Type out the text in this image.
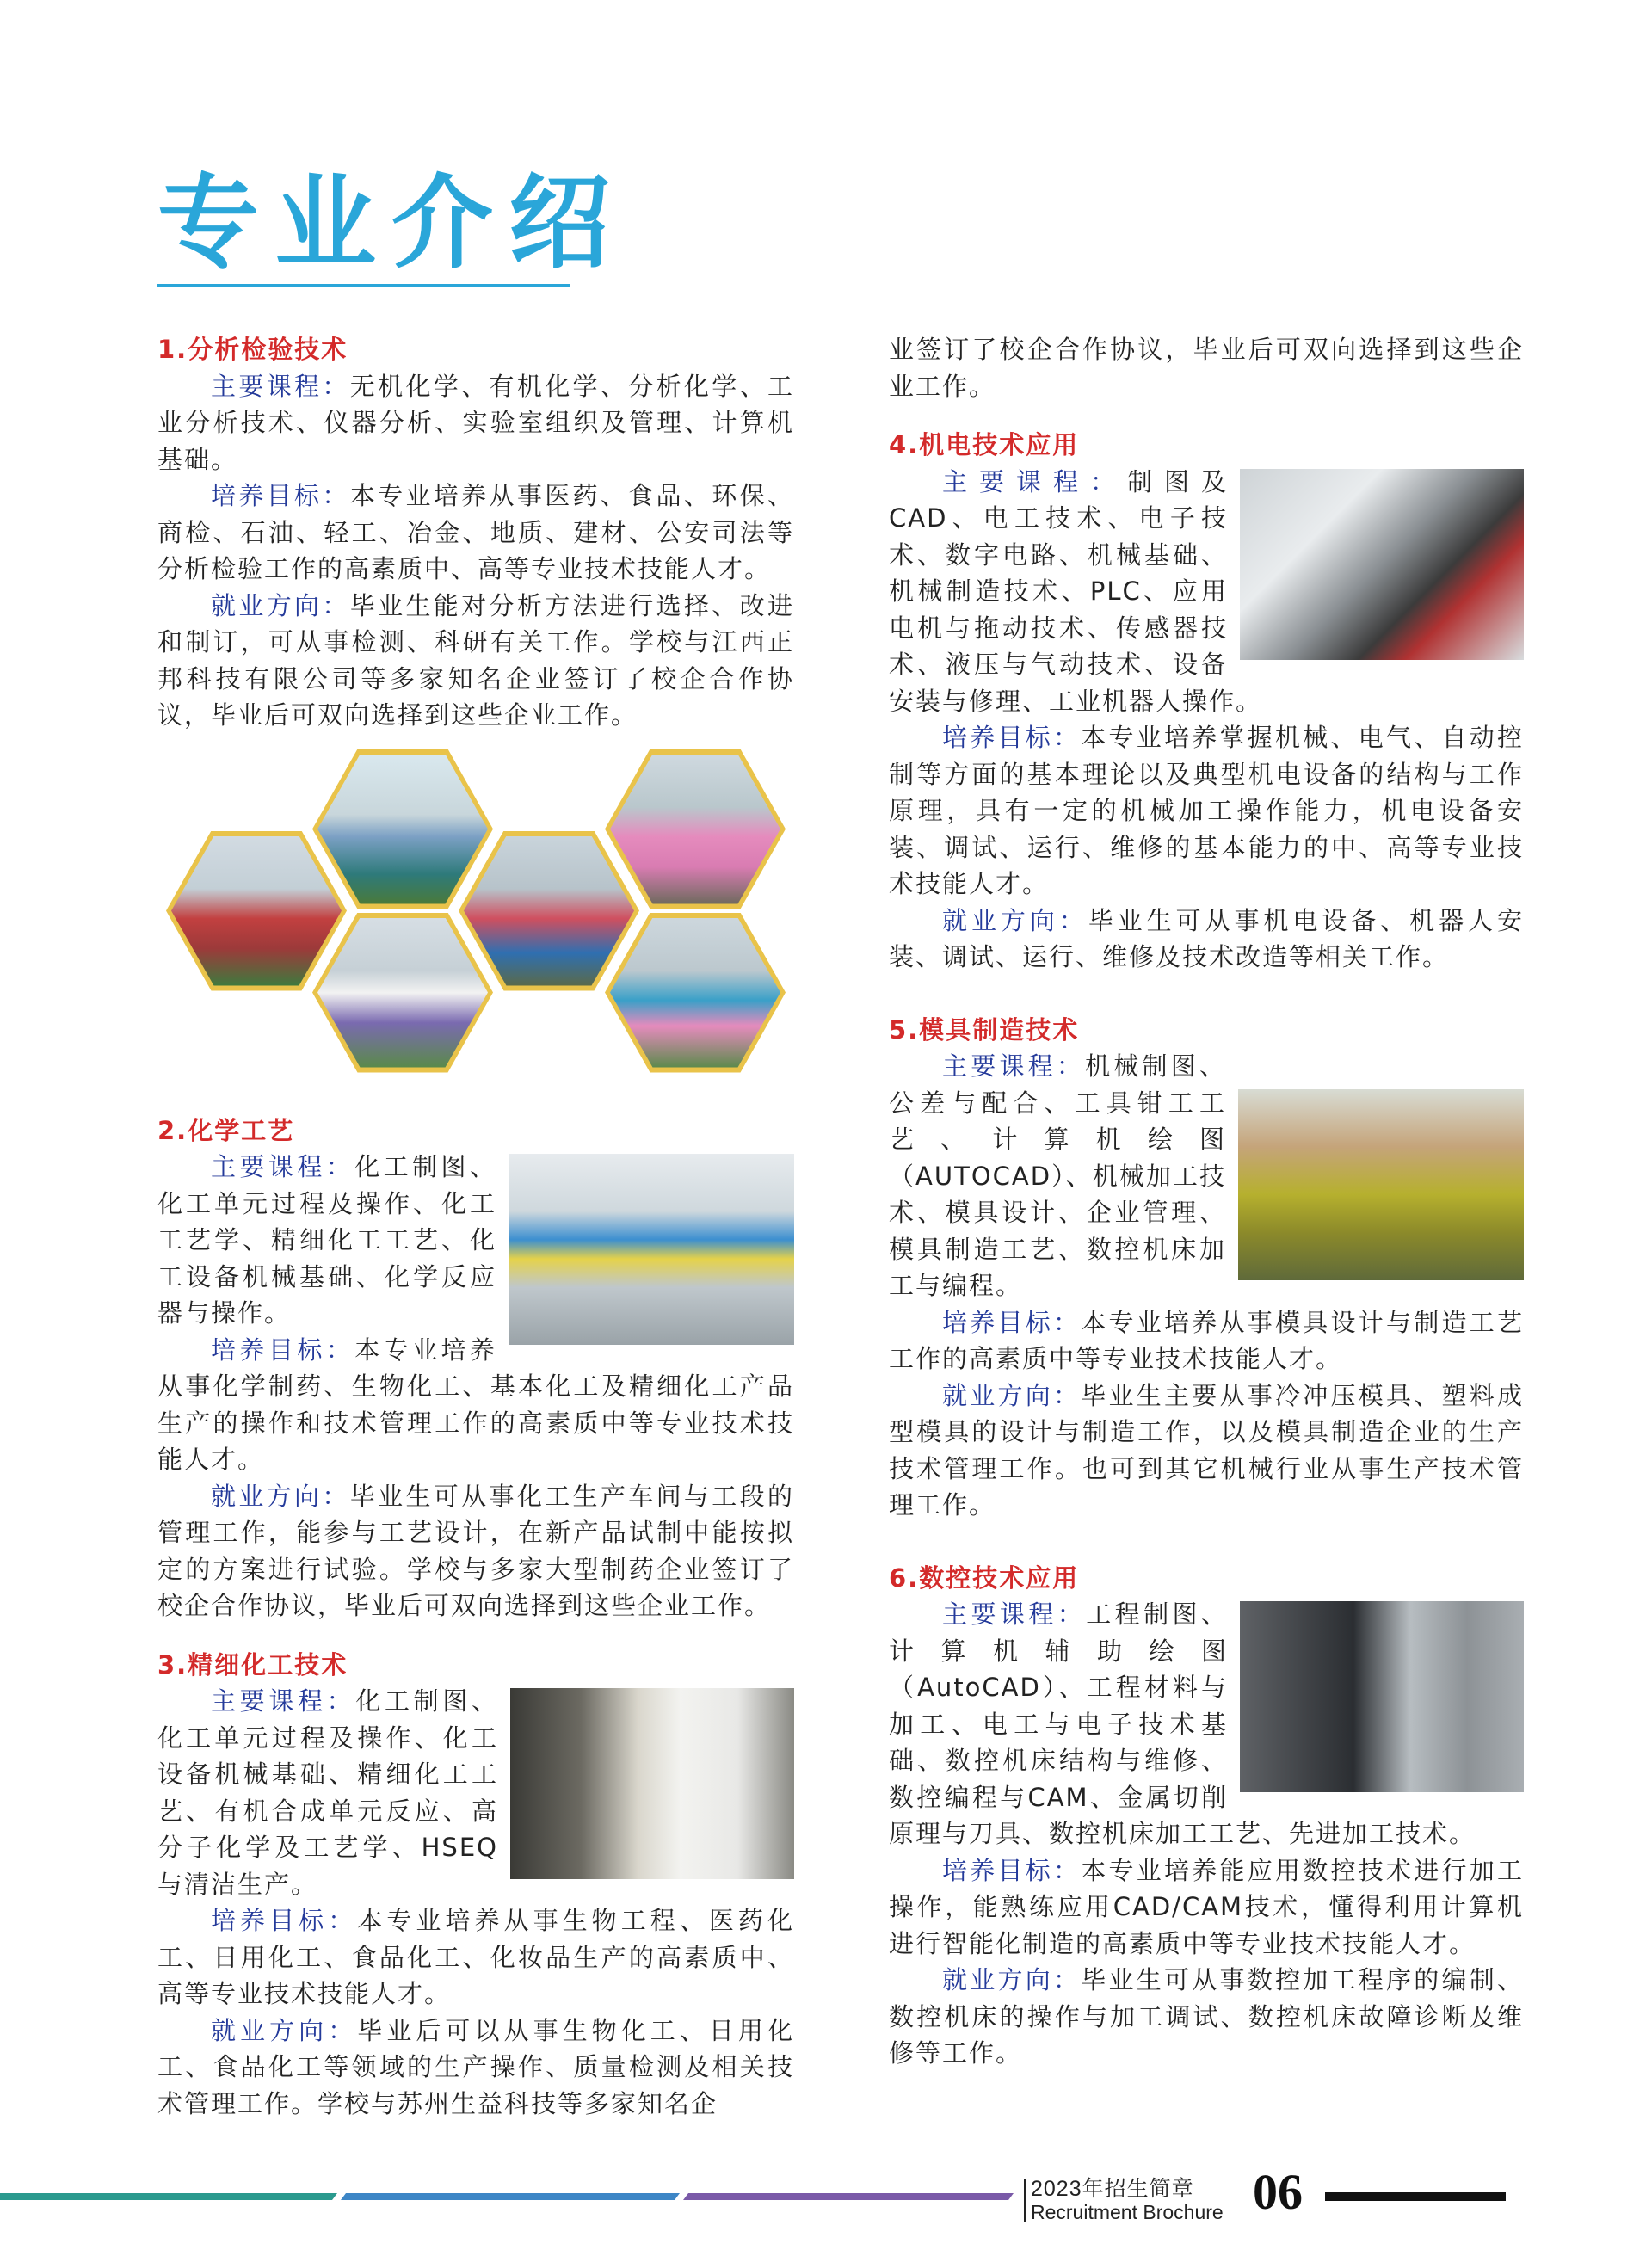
专业介绍
1.分析检验技术

主要课程：无机化学、有机化学、分析化学、工业分析技术、仪器分析、实验室组织及管理、计算机基础。

培养目标：本专业培养从事医药、食品、环保、商检、石油、轻工、冶金、地质、建材、公安司法等分析检验工作的高素质中、高等专业技术技能人才。

就业方向：毕业生能对分析方法进行选择、改进和制订，可从事检测、科研有关工作。学校与江西正邦科技有限公司等多家知名企业签订了校企合作协议，毕业后可双向选择到这些企业工作。

2.化学工艺

主要课程：化工制图、化工单元过程及操作、化工工艺学、精细化工工艺、化工设备机械基础、化学反应器与操作。

培养目标：本专业培养从事化学制药、生物化工、基本化工及精细化工产品生产的操作和技术管理工作的高素质中等专业技术技能人才。

就业方向：毕业生可从事化工生产车间与工段的管理工作，能参与工艺设计，在新产品试制中能按拟定的方案进行试验。学校与多家大型制药企业签订了校企合作协议，毕业后可双向选择到这些企业工作。

3.精细化工技术

主要课程：化工制图、化工单元过程及操作、化工设备机械基础、精细化工工艺、有机合成单元反应、高分子化学及工艺学、HSEQ与清洁生产。

培养目标：本专业培养从事生物工程、医药化工、日用化工、食品化工、化妆品生产的高素质中、高等专业技术技能人才。

就业方向：毕业后可以从事生物化工、日用化工、食品化工等领域的生产操作、质量检测及相关技术管理工作。学校与苏州生益科技等多家知名企

业签订了校企合作协议，毕业后可双向选择到这些企业工作。

4.机电技术应用

主要课程：制图及CAD、电工技术、电子技术、数字电路、机械基础、机械制造技术、PLC、应用电机与拖动技术、传感器技术、液压与气动技术、设备安装与修理、工业机器人操作。

培养目标：本专业培养掌握机械、电气、自动控制等方面的基本理论以及典型机电设备的结构与工作原理，具有一定的机械加工操作能力，机电设备安装、调试、运行、维修的基本能力的中、高等专业技术技能人才。

就业方向：毕业生可从事机电设备、机器人安装、调试、运行、维修及技术改造等相关工作。

5.模具制造技术

主要课程：机械制图、公差与配合、工具钳工工艺、计算机绘图（AUTOCAD）、机械加工技术、模具设计、企业管理、模具制造工艺、数控机床加工与编程。

培养目标：本专业培养从事模具设计与制造工艺工作的高素质中等专业技术技能人才。

就业方向：毕业生主要从事冷冲压模具、塑料成型模具的设计与制造工作，以及模具制造企业的生产技术管理工作。也可到其它机械行业从事生产技术管理工作。

6.数控技术应用

主要课程：工程制图、计算机辅助绘图（AutoCAD）、工程材料与加工、电工与电子技术基础、数控机床结构与维修、数控编程与CAM、金属切削原理与刀具、数控机床加工工艺、先进加工技术。

培养目标：本专业培养能应用数控技术进行加工操作，能熟练应用CAD/CAM技术，懂得利用计算机进行智能化制造的高素质中等专业技术技能人才。

就业方向：毕业生可从事数控加工程序的编制、数控机床的操作与加工调试、数控机床故障诊断及维修等工作。

2023年招生简章
Recruitment Brochure 06
